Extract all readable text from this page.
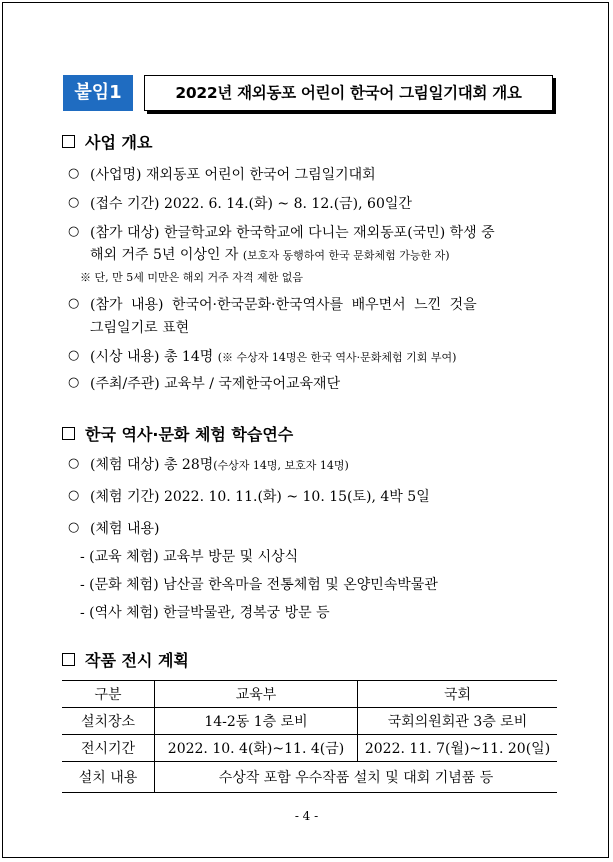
붙임1	2022년 재외동포 어린이 한국어 그림일기대회 개요
사업 개요
○ (사업명) 재외동포 어린이 한국어 그림일기대회
○ (접수 기간) 2022. 6. 14.(화) ~ 8. 12.(금), 60일간
○ (참가 대상) 한글학교와 한국학교에 다니는 재외동포(국민) 학생 중
해외 거주 5년 이상인 자 (보호자 동행하여 한국 문화체험 가능한 자)
※ 단, 만 5세 미만은 해외 거주 자격 제한 없음
○ (참가 내용) 한국어·한국문화·한국역사를 배우면서 느낀 것을
그림일기로 표현
○ (시상 내용) 총 14명 (※ 수상자 14명은 한국 역사·문화체험 기회 부여)
○ (주최/주관) 교육부 / 국제한국어교육재단
한국 역사·문화 체험 학습연수
○ (체험 대상) 총 28명(수상자 14명, 보호자 14명)
○ (체험 기간) 2022. 10. 11.(화) ~ 10. 15(토), 4박 5일
○ (체험 내용)
- (교육 체험) 교육부 방문 및 시상식
- (문화 체험) 남산골 한옥마을 전통체험 및 온양민속박물관
- (역사 체험) 한글박물관, 경복궁 방문 등
작품 전시 계획
구분	교육부	국회
설치장소	14-2동 1층 로비	국회의원회관 3층 로비
전시기간	2022. 10. 4(화)~11. 4(금)	2022. 11. 7(월)~11. 20(일)
설치 내용	수상작 포함 우수작품 설치 및 대회 기념품 등	
- 4 -
